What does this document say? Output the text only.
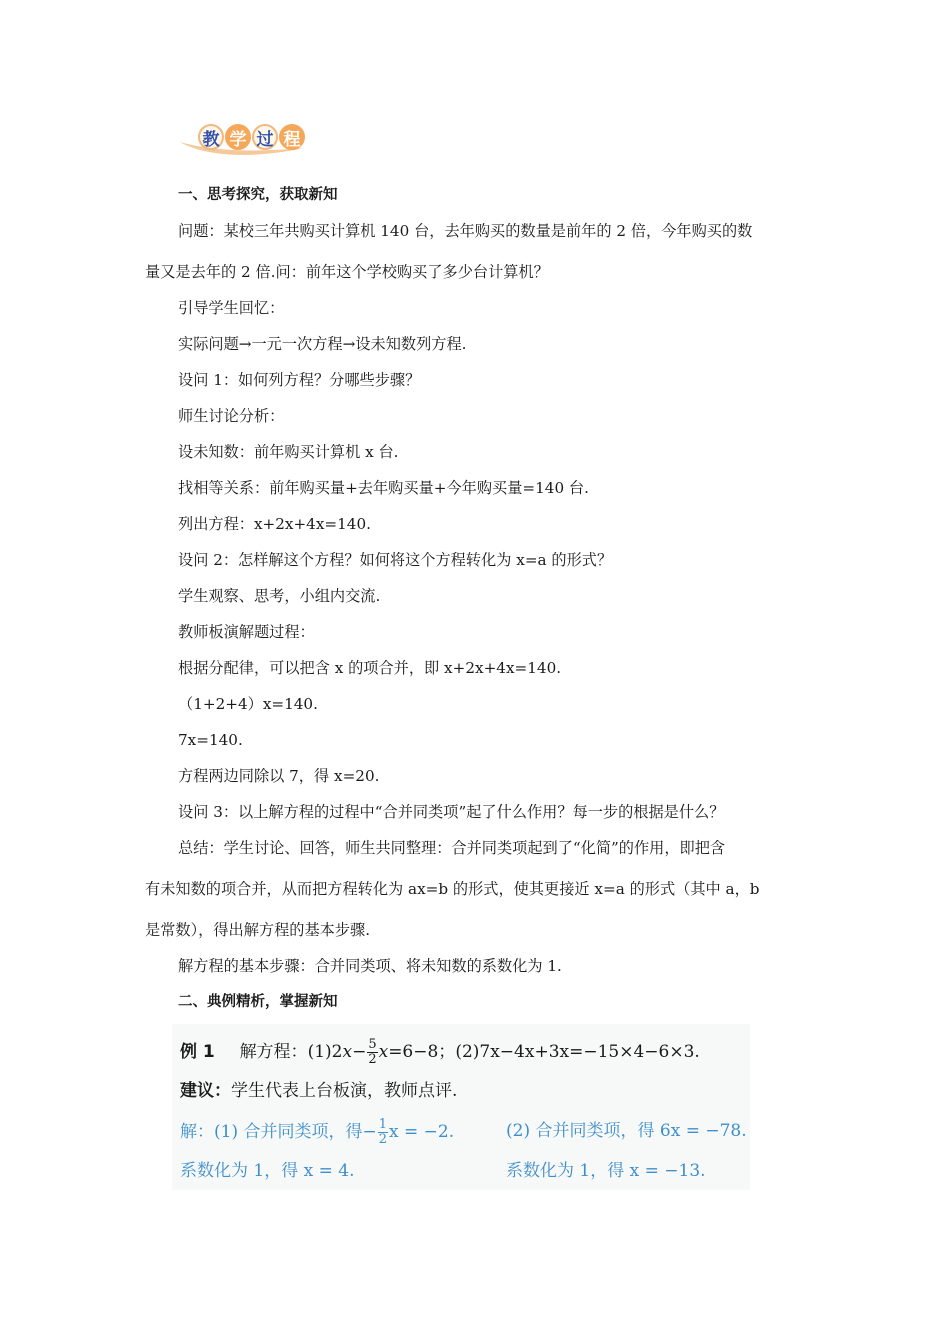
教 学 过 程
一、思考探究，获取新知
问题：某校三年共购买计算机 140 台，去年购买的数量是前年的 2 倍，今年购买的数
量又是去年的 2 倍.问：前年这个学校购买了多少台计算机？
引导学生回忆：
实际问题→一元一次方程→设未知数列方程.
设问 1：如何列方程？分哪些步骤？
师生讨论分析：
设未知数：前年购买计算机 x 台.
找相等关系：前年购买量+去年购买量+今年购买量=140 台.
列出方程：x+2x+4x=140.
设问 2：怎样解这个方程？如何将这个方程转化为 x=a 的形式？
学生观察、思考，小组内交流.
教师板演解题过程：
根据分配律，可以把含 x 的项合并，即 x+2x+4x=140.
（1+2+4）x=140.
7x=140.
方程两边同除以 7，得 x=20.
设问 3：以上解方程的过程中“合并同类项”起了什么作用？每一步的根据是什么？
总结：学生讨论、回答，师生共同整理：合并同类项起到了“化简”的作用，即把含
有未知数的项合并，从而把方程转化为 ax=b 的形式，使其更接近 x=a 的形式（其中 a，b
是常数），得出解方程的基本步骤.
解方程的基本步骤：合并同类项、将未知数的系数化为 1.
二、典例精析，掌握新知
例 1 解方程：$(1)2x- \frac{5}{2} x=6-8$；(2)7x−4x+3x=−15×4−6×3.
建议：学生代表上台板演，教师点评.
解：(1) 合并同类项，得− $\frac{1}{2}$ x = −2.
系数化为 1，得 x = 4.
(2) 合并同类项，得 6x = −78.
系数化为 1，得 x = −13.
